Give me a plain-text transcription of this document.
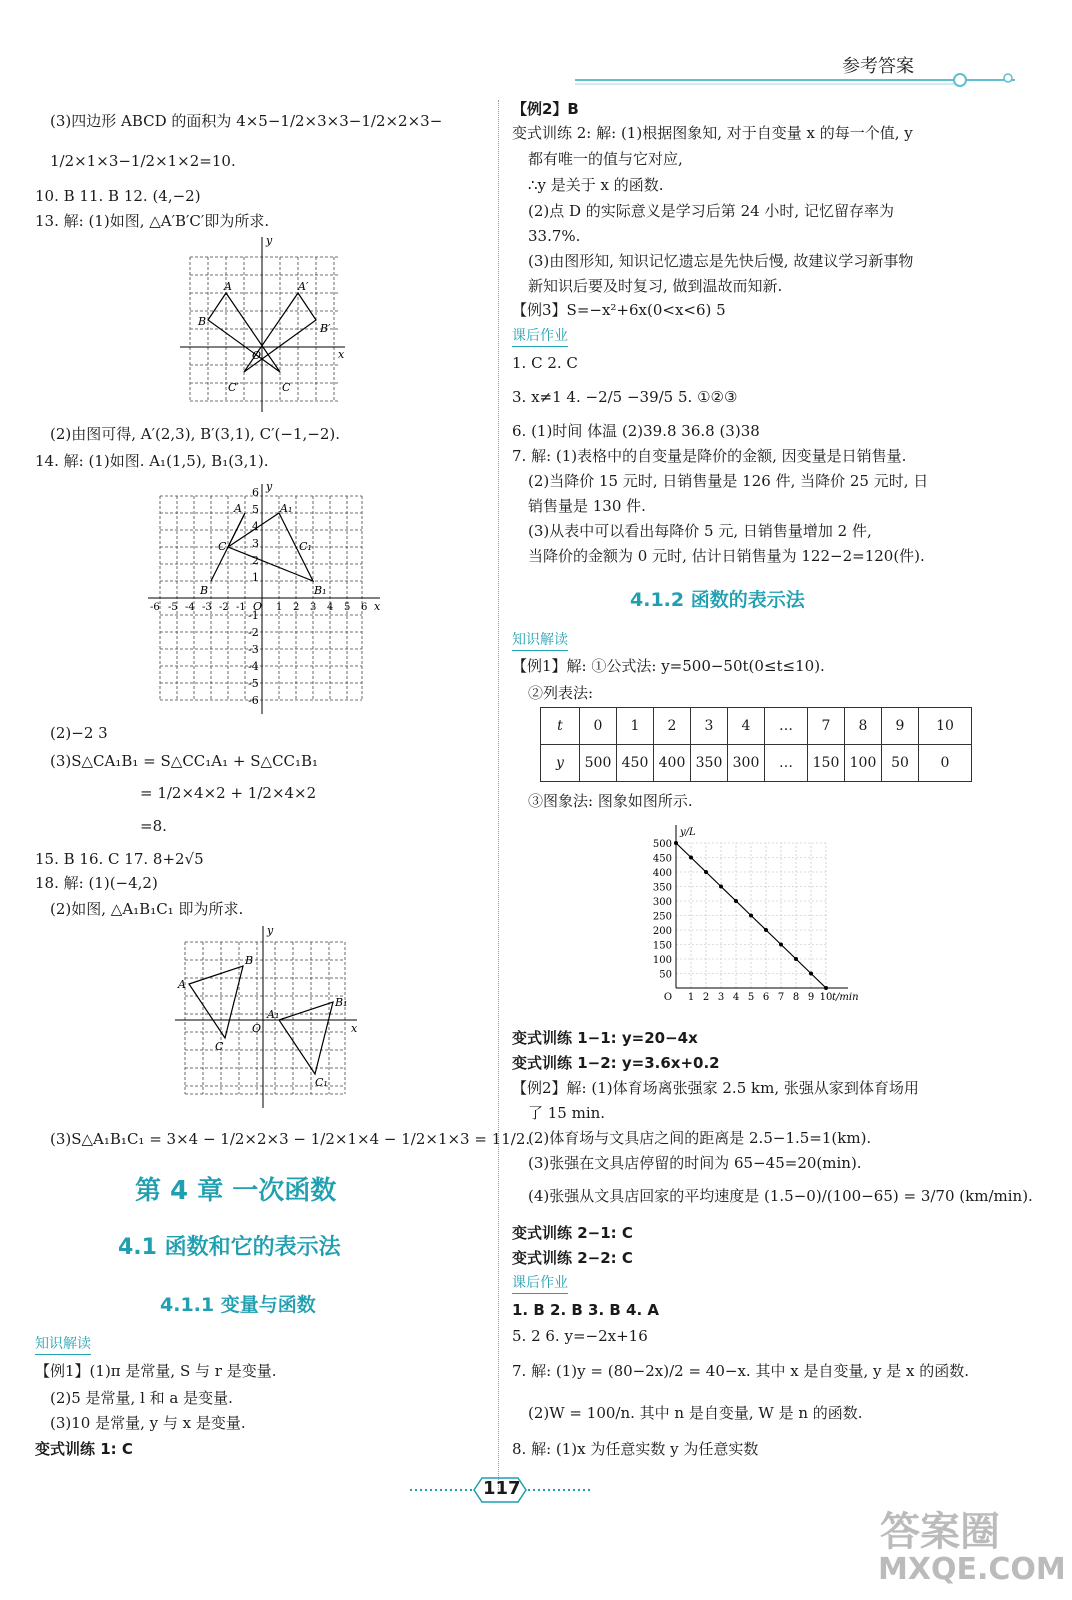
参考答案
(3)四边形 ABCD 的面积为 4×5−1/2×3×3−1/2×2×3−
1/2×1×3−1/2×1×2=10.
10. B 11. B 12. (4,−2)
13. 解: (1)如图, △A′B′C′即为所求.
y
x
O
A	A′
B
B′
C
C′
(2)由图可得, A′(2,3), B′(3,1), C′(−1,−2).
14. 解: (1)如图. A₁(1,5), B₁(3,1).
6
5
4
3
2
1
-1
-2
-3
-4
-5
-6
-6 -5 -4 -3 -2 -1	1 2 3 4 5 6
y
x
O
A	A₁
B	B₁
C	C₁
(2)−2 3
(3)S△CA₁B₁ = S△CC₁A₁ + S△CC₁B₁
= 1/2×4×2 + 1/2×4×2
=8.
15. B 16. C 17. 8+2√5
18. 解: (1)(−4,2)
(2)如图, △A₁B₁C₁ 即为所求.
y
x
O
A
A₁
B
B₁
C
C₁
(3)S△A₁B₁C₁ = 3×4 − 1/2×2×3 − 1/2×1×4 − 1/2×1×3 = 11/2.
第 4 章 一次函数
4.1 函数和它的表示法
4.1.1 变量与函数
知识解读
【例1】(1)π 是常量, S 与 r 是变量.
(2)5 是常量, l 和 a 是变量.
(3)10 是常量, y 与 x 是变量.
变式训练 1: C
【例2】B
变式训练 2: 解: (1)根据图象知, 对于自变量 x 的每一个值, y
都有唯一的值与它对应,
∴y 是关于 x 的函数.
(2)点 D 的实际意义是学习后第 24 小时, 记忆留存率为
33.7%.
(3)由图形知, 知识记忆遗忘是先快后慢, 故建议学习新事物
新知识后要及时复习, 做到温故而知新.
【例3】S=−x²+6x(0<x<6) 5
课后作业
1. C 2. C
3. x≠1 4. −2/5 −39/5 5. ①②③
6. (1)时间 体温 (2)39.8 36.8 (3)38
7. 解: (1)表格中的自变量是降价的金额, 因变量是日销售量.
(2)当降价 15 元时, 日销售量是 126 件, 当降价 25 元时, 日
销售量是 130 件.
(3)从表中可以看出每降价 5 元, 日销售量增加 2 件,
当降价的金额为 0 元时, 估计日销售量为 122−2=120(件).
4.1.2 函数的表示法
知识解读
【例1】解: ①公式法: y=500−50t(0≤t≤10).
②列表法:
t	0	1	2	3	4	…	7	8	9	10
y	500	450	400	350	300	…	150	100	50	0
③图象法: 图象如图所示.
50
100
150
200
250
300
350
400
450
500
1 2 3 4 5 6 7 8 9 10
O
y/L
t/min
变式训练 1−1: y=20−4x
变式训练 1−2: y=3.6x+0.2
【例2】解: (1)体育场离张强家 2.5 km, 张强从家到体育场用
了 15 min.
(2)体育场与文具店之间的距离是 2.5−1.5=1(km).
(3)张强在文具店停留的时间为 65−45=20(min).
(4)张强从文具店回家的平均速度是 (1.5−0)/(100−65) = 3/70 (km/min).
变式训练 2−1: C
变式训练 2−2: C
课后作业
1. B 2. B 3. B 4. A
5. 2 6. y=−2x+16
7. 解: (1)y = (80−2x)/2 = 40−x. 其中 x 是自变量, y 是 x 的函数.
(2)W = 100/n. 其中 n 是自变量, W 是 n 的函数.
8. 解: (1)x 为任意实数 y 为任意实数
117
答案圈
MXQE.COM
